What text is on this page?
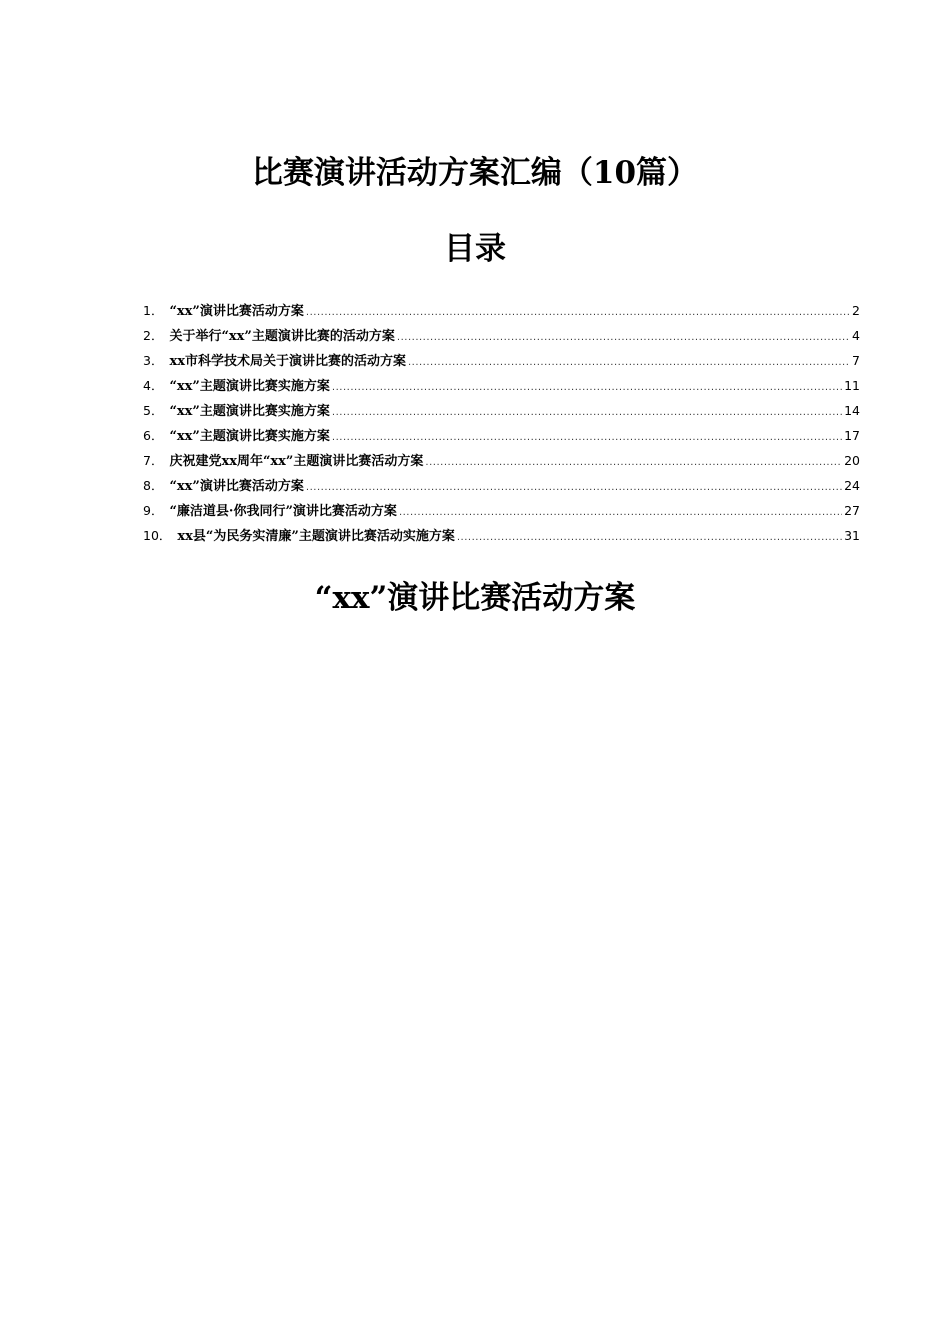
比赛演讲活动方案汇编（10篇）
目录
1． “xx”演讲比赛活动方案 .....	2
2． 关于举行“xx”主题演讲比赛的活动方案 .....	4
3． xx市科学技术局关于演讲比赛的活动方案 .....	7
4． “xx”主题演讲比赛实施方案 .....	11
5． “xx”主题演讲比赛实施方案 .....	14
6． “xx”主题演讲比赛实施方案 .....	17
7． 庆祝建党xx周年“xx”主题演讲比赛活动方案 .....	20
8． “xx”演讲比赛活动方案 .....	24
9． “廉洁道县·你我同行”演讲比赛活动方案 .....	27
10． xx县“为民务实清廉”主题演讲比赛活动实施方案 .....	31
“xx”演讲比赛活动方案
